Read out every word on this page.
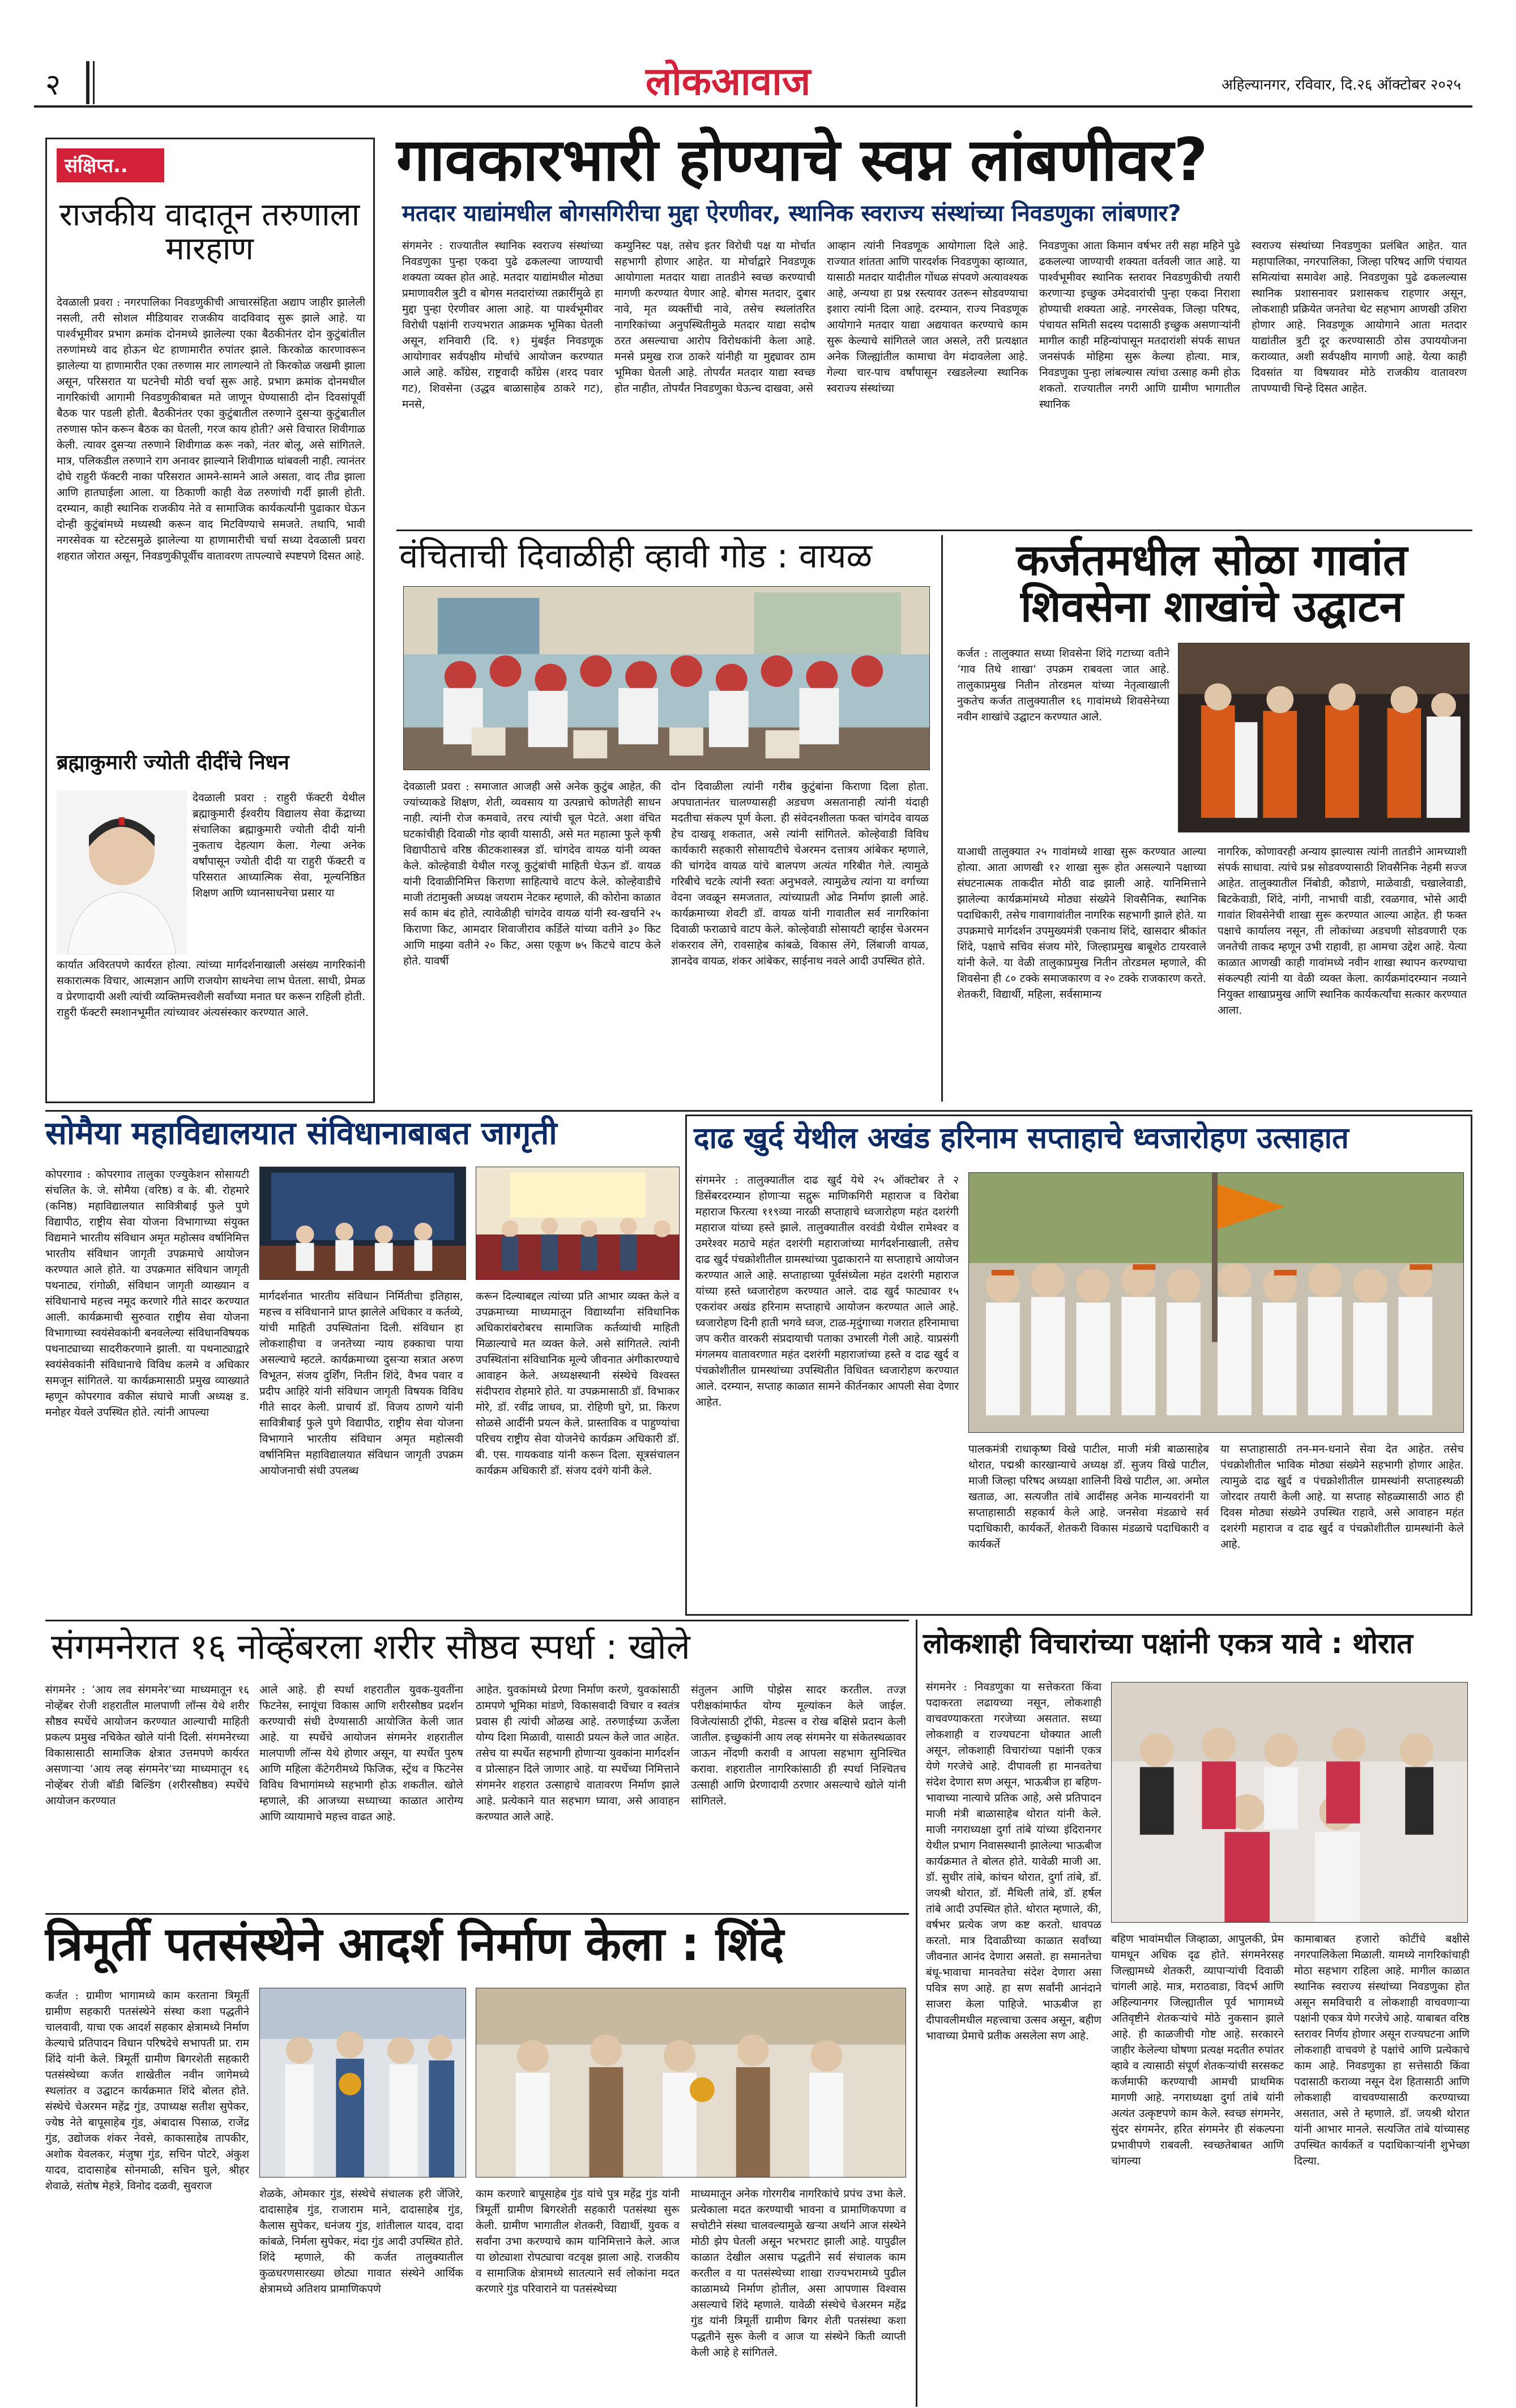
२	लोकआवाज	अहिल्यानगर, रविवार, दि.२६ ऑक्टोबर २०२५
संक्षिप्त..
राजकीय वादातून तरुणाला मारहाण
देवळाली प्रवरा : नगरपालिका निवडणुकीची आचारसंहिता अद्याप जाहीर झालेली नसली, तरी सोशल मीडियावर राजकीय वादविवाद सुरू झाले आहे. या पार्श्वभूमीवर प्रभाग क्रमांक दोनमध्ये झालेल्या एका बैठकीनंतर दोन कुटुंबांतील तरुणांमध्ये वाद होऊन थेट हाणामारीत रुपांतर झाले. किरकोळ कारणावरून झालेल्या या हाणामारीत एका तरुणास मार लागल्याने तो किरकोळ जखमी झाला असून, परिसरात या घटनेची मोठी चर्चा सुरू आहे. प्रभाग क्रमांक दोनमधील नागरिकांची आगामी निवडणुकीबाबत मते जाणून घेण्यासाठी दोन दिवसांपूर्वी बैठक पार पडली होती. बैठकीनंतर एका कुटुंबातील तरुणाने दुसऱ्या कुटुंबातील तरुणास फोन करून बैठक का घेतली, गरज काय होती? असे विचारत शिवीगाळ केली. त्यावर दुसऱ्या तरुणाने शिवीगाळ करू नको, नंतर बोलू, असे सांगितले. मात्र, पलिकडील तरुणाने राग अनावर झाल्याने शिवीगाळ थांबवली नाही. त्यानंतर दोघे राहुरी फॅक्टरी नाका परिसरात आमने-सामने आले असता, वाद तीव्र झाला आणि हातघाईला आला. या ठिकाणी काही वेळ तरुणांची गर्दी झाली होती. दरम्यान, काही स्थानिक राजकीय नेते व सामाजिक कार्यकर्त्यांनी पुढाकार घेऊन दोन्ही कुटुंबांमध्ये मध्यस्थी करून वाद मिटविण्याचे समजते. तथापि, भावी नगरसेवक या स्टेटसमुळे झालेल्या या हाणामारीची चर्चा सध्या देवळाली प्रवरा शहरात जोरात असून, निवडणुकीपूर्वीच वातावरण तापल्याचे स्पष्टपणे दिसत आहे.
ब्रह्माकुमारी ज्योती दीदींचे निधन
देवळाली प्रवरा : राहुरी फॅक्टरी येथील ब्रह्माकुमारी ईश्वरीय विद्यालय सेवा केंद्राच्या संचालिका ब्रह्माकुमारी ज्योती दीदी यांनी नुकताच देहत्याग केला. गेल्या अनेक वर्षांपासून ज्योती दीदी या राहुरी फॅक्टरी व परिसरात आध्यात्मिक सेवा, मूल्यनिष्ठित शिक्षण आणि ध्यानसाधनेचा प्रसार या
कार्यात अविरतपणे कार्यरत होत्या. त्यांच्या मार्गदर्शनाखाली असंख्य नागरिकांनी सकारात्मक विचार, आत्मज्ञान आणि राजयोग साधनेचा लाभ घेतला. साधी, प्रेमळ व प्रेरणादायी अशी त्यांची व्यक्तिमत्त्वशैली सर्वांच्या मनात घर करून राहिली होती. राहुरी फॅक्टरी स्मशानभूमीत त्यांच्यावर अंत्यसंस्कार करण्यात आले.
गावकारभारी होण्याचे स्वप्न लांबणीवर?
मतदार याद्यांमधील बोगसगिरीचा मुद्दा ऐरणीवर, स्थानिक स्वराज्य संस्थांच्या निवडणुका लांबणार?
संगमनेर : राज्यातील स्थानिक स्वराज्य संस्थांच्या निवडणुका पुन्हा एकदा पुढे ढकलल्या जाण्याची शक्यता व्यक्त होत आहे. मतदार याद्यांमधील मोठ्या प्रमाणावरील त्रुटी व बोगस मतदारांच्या तक्रारींमुळे हा मुद्दा पुन्हा ऐरणीवर आला आहे. या पार्श्वभूमीवर विरोधी पक्षांनी राज्यभरात आक्रमक भूमिका घेतली असून, शनिवारी (दि. १) मुंबईत निवडणूक आयोगावर सर्वपक्षीय मोर्चाचे आयोजन करण्यात आले आहे. काँग्रेस, राष्ट्रवादी काँग्रेस (शरद पवार गट), शिवसेना (उद्धव बाळासाहेब ठाकरे गट), मनसे,
कम्युनिस्ट पक्ष, तसेच इतर विरोधी पक्ष या मोर्चात सहभागी होणार आहेत. या मोर्चाद्वारे निवडणूक आयोगाला मतदार याद्या तातडीने स्वच्छ करण्याची मागणी करण्यात येणार आहे. बोगस मतदार, दुबार नावे, मृत व्यक्तींची नावे, तसेच स्थलांतरित नागरिकांच्या अनुपस्थितीमुळे मतदार याद्या सदोष ठरत असल्याचा आरोप विरोधकांनी केला आहे. मनसे प्रमुख राज ठाकरे यांनीही या मुद्द्यावर ठाम भूमिका घेतली आहे. तोपर्यंत मतदार याद्या स्वच्छ होत नाहीत, तोपर्यंत निवडणुका घेऊन्च दाखवा, असे
आव्हान त्यांनी निवडणूक आयोगाला दिले आहे. राज्यात शांतता आणि पारदर्शक निवडणुका व्हाव्यात, यासाठी मतदार यादीतील गोंधळ संपवणे अत्यावश्यक आहे, अन्यथा हा प्रश्न रस्त्यावर उतरून सोडवण्याचा इशारा त्यांनी दिला आहे. दरम्यान, राज्य निवडणूक आयोगाने मतदार याद्या अद्ययावत करण्याचे काम सुरू केल्याचे सांगितले जात असले, तरी प्रत्यक्षात अनेक जिल्ह्यांतील कामाचा वेग मंदावलेला आहे. गेल्या चार-पाच वर्षांपासून रखडलेल्या स्थानिक स्वराज्य संस्थांच्या
निवडणुका आता किमान वर्षभर तरी सहा महिने पुढे ढकलल्या जाण्याची शक्यता वर्तवली जात आहे. या पार्श्वभूमीवर स्थानिक स्तरावर निवडणुकीची तयारी करणाऱ्या इच्छुक उमेदवारांची पुन्हा एकदा निराशा होण्याची शक्यता आहे. नगरसेवक, जिल्हा परिषद, पंचायत समिती सदस्य पदासाठी इच्छुक असणाऱ्यांनी मागील काही महिन्यांपासून मतदारांशी संपर्क साधत जनसंपर्क मोहिमा सुरू केल्या होत्या. मात्र, निवडणुका पुन्हा लांबल्यास त्यांचा उत्साह कमी होऊ शकतो. राज्यातील नगरी आणि ग्रामीण भागातील स्थानिक
स्वराज्य संस्थांच्या निवडणुका प्रलंबित आहेत. यात महापालिका, नगरपालिका, जिल्हा परिषद आणि पंचायत समित्यांचा समावेश आहे. निवडणुका पुढे ढकलल्यास स्थानिक प्रशासनावर प्रशासकच राहणार असून, लोकशाही प्रक्रियेत जनतेचा थेट सहभाग आणखी उशिरा होणार आहे. निवडणूक आयोगाने आता मतदार याद्यांतील त्रुटी दूर करण्यासाठी ठोस उपाययोजना कराव्यात, अशी सर्वपक्षीय मागणी आहे. येत्या काही दिवसांत या विषयावर मोठे राजकीय वातावरण तापण्याची चिन्हे दिसत आहेत.
वंचिताची दिवाळीही व्हावी गोड : वायळ
देवळाली प्रवरा : समाजात आजही असे अनेक कुटुंब आहेत, की ज्यांच्याकडे शिक्षण, शेती, व्यवसाय या उत्पन्नाचे कोणतेही साधन नाही. त्यांनी रोज कमवावे, तरच त्यांची चूल पेटते. अशा वंचित घटकांचीही दिवाळी गोड व्हावी यासाठी, असे मत महात्मा फुले कृषी विद्यापीठाचे वरिष्ठ कीटकशास्त्रज्ञ डॉ. चांगदेव वायळ यांनी व्यक्त केले. कोल्हेवाडी येथील गरजू कुटुंबांची माहिती घेऊन डॉ. वायळ यांनी दिवाळीनिमित्त किराणा साहित्याचे वाटप केले. कोल्हेवाडीचे माजी तंटामुक्ती अध्यक्ष जयराम नेटकर म्हणाले, की कोरोना काळात सर्व काम बंद होते, त्यावेळीही चांगदेव वायळ यांनी स्व-खर्चाने २५ किराणा किट, आमदार शिवाजीराव कर्डिले यांच्या वतीने ३० किट आणि माझ्या वतीने २० किट, असा एकूण ७५ किटचे वाटप केले होते. यावर्षी
दोन दिवाळीला त्यांनी गरीब कुटुंबांना किराणा दिला होता. अपघातानंतर चालण्यासही अडचण असतानाही त्यांनी यंदाही मदतीचा संकल्प पूर्ण केला. ही संवेदनशीलता फक्त चांगदेव वायळ हेच दाखवू शकतात, असे त्यांनी सांगितले. कोल्हेवाडी विविध कार्यकारी सहकारी सोसायटीचे चेअरमन दत्तात्रय आंबेकर म्हणाले, की चांगदेव वायळ यांचे बालपण अत्यंत गरिबीत गेले. त्यामुळे गरिबीचे चटके त्यांनी स्वतः अनुभवले. त्यामुळेच त्यांना या वर्गाच्या वेदना जवळून समजतात, त्यांच्याप्रती ओढ निर्माण झाली आहे. कार्यक्रमाच्या शेवटी डॉ. वायळ यांनी गावातील सर्व नागरिकांना दिवाळी फराळाचे वाटप केले. कोल्हेवाडी सोसायटी व्हाईस चेअरमन शंकरराव लेंगे, रावसाहेब कांबळे, विकास लेंगे, लिंबाजी वायळ, ज्ञानदेव वायळ, शंकर आंबेकर, साईनाथ नवले आदी उपस्थित होते.
कर्जतमधील सोळा गावांत शिवसेना शाखांचे उद्घाटन
कर्जत : तालुक्यात सध्या शिवसेना शिंदे गटाच्या वतीने ‘गाव तिथे शाखा’ उपक्रम राबवला जात आहे. तालुकाप्रमुख नितीन तोरडमल यांच्या नेतृत्वाखाली नुकतेच कर्जत तालुक्यातील १६ गावांमध्ये शिवसेनेच्या नवीन शाखांचे उद्घाटन करण्यात आले.
याआधी तालुक्यात २५ गावांमध्ये शाखा सुरू करण्यात आल्या होत्या. आता आणखी १२ शाखा सुरू होत असल्याने पक्षाच्या संघटनात्मक ताकदीत मोठी वाढ झाली आहे. यानिमित्ताने झालेल्या कार्यक्रमांमध्ये मोठ्या संख्येने शिवसैनिक, स्थानिक पदाधिकारी, तसेच गावागावांतील नागरिक सहभागी झाले होते. या उपक्रमाचे मार्गदर्शन उपमुख्यमंत्री एकनाथ शिंदे, खासदार श्रीकांत शिंदे, पक्षाचे सचिव संजय मोरे, जिल्हाप्रमुख बाबूशेठ टायरवाले यांनी केले. या वेळी तालुकाप्रमुख नितीन तोरडमल म्हणाले, की शिवसेना ही ८० टक्के समाजकारण व २० टक्के राजकारण करते. शेतकरी, विद्यार्थी, महिला, सर्वसामान्य
नागरिक, कोणावरही अन्याय झाल्यास त्यांनी तातडीने आमच्याशी संपर्क साधावा. त्यांचे प्रश्न सोडवण्यासाठी शिवसैनिक नेहमी सज्ज आहेत. तालुक्यातील निंबोडी, कौडाणे, माळेवाडी, चखालेवाडी, बिटकेवाडी, शिंदे, नांगी, नाभाची वाडी, रवळगाव, भोसे आदी गावांत शिवसेनेची शाखा सुरू करण्यात आल्या आहेत. ही फक्त पक्षाचे कार्यालय नसून, ती लोकांच्या अडचणी सोडवणारी एक जनतेची ताकद म्हणून उभी राहावी, हा आमचा उद्देश आहे. येत्या काळात आणखी काही गावांमध्ये नवीन शाखा स्थापन करण्याचा संकल्पही त्यांनी या वेळी व्यक्त केला. कार्यक्रमांदरम्यान नव्याने नियुक्त शाखाप्रमुख आणि स्थानिक कार्यकर्त्यांचा सत्कार करण्यात आला.
सोमैया महाविद्यालयात संविधानाबाबत जागृती
कोपरगाव : कोपरगाव तालुका एज्युकेशन सोसायटी संचलित के. जे. सोमैया (वरिष्ठ) व के. बी. रोहमारे (कनिष्ठ) महाविद्यालयात सावित्रीबाई फुले पुणे विद्यापीठ, राष्ट्रीय सेवा योजना विभागाच्या संयुक्त विद्यमाने भारतीय संविधान अमृत महोत्सव वर्षानिमित्त भारतीय संविधान जागृती उपक्रमाचे आयोजन करण्यात आले होते. या उपक्रमात संविधान जागृती पथनाट्य, रांगोळी, संविधान जागृती व्याख्यान व संविधानाचे महत्त्व नमूद करणारे गीते सादर करण्यात आली. कार्यक्रमाची सुरुवात राष्ट्रीय सेवा योजना विभागाच्या स्वयंसेवकांनी बनवलेल्या संविधानविषयक पथनाट्याच्या सादरीकरणाने झाली. या पथनाट्याद्वारे स्वयंसेवकांनी संविधानाचे विविध कलमे व अधिकार समजून सांगितले. या कार्यक्रमासाठी प्रमुख व्याख्याते म्हणून कोपरगाव वकील संघाचे माजी अध्यक्ष ड. मनोहर येवले उपस्थित होते. त्यांनी आपल्या
मार्गदर्शनात भारतीय संविधान निर्मितीचा इतिहास, महत्त्व व संविधानाने प्राप्त झालेले अधिकार व कर्तव्ये, यांची माहिती उपस्थितांना दिली. संविधान हा लोकशाहीचा व जनतेच्या न्याय हक्काचा पाया असल्याचे म्हटले. कार्यक्रमाच्या दुसऱ्या सत्रात अरुण विभूतन, संजय दुर्शिंग, नितीन शिंदे, वैभव पवार व प्रदीप आहिरे यांनी संविधान जागृती विषयक विविध गीते सादर केली. प्राचार्य डॉ. विजय ठाणगे यांनी सावित्रीबाई फुले पुणे विद्यापीठ, राष्ट्रीय सेवा योजना विभागाने भारतीय संविधान अमृत महोत्सवी वर्षानिमित्त महाविद्यालयात संविधान जागृती उपक्रम आयोजनाची संधी उपलब्ध
करून दिल्याबद्दल त्यांच्या प्रति आभार व्यक्त केले व उपक्रमाच्या माध्यमातून विद्यार्थ्यांना संविधानिक अधिकारांबरोबरच सामाजिक कर्तव्यांची माहिती मिळाल्याचे मत व्यक्त केले. असे सांगितले. त्यांनी उपस्थितांना संविधानिक मूल्ये जीवनात अंगीकारण्याचे आवाहन केले. अध्यक्षस्थानी संस्थेचे विश्वस्त संदीपराव रोहमारे होते. या उपक्रमासाठी डॉ. विभाकर मोरे, डॉ. रवींद्र जाधव, प्रा. रोहिणी घुगे, प्रा. किरण सोळसे आदींनी प्रयत्न केले. प्रास्ताविक व पाहुण्यांचा परिचय राष्ट्रीय सेवा योजनेचे कार्यक्रम अधिकारी डॉ. बी. एस. गायकवाड यांनी करून दिला. सूत्रसंचालन कार्यक्रम अधिकारी डॉ. संजय दवंगे यांनी केले.
दाढ खुर्द येथील अखंड हरिनाम सप्ताहाचे ध्वजारोहण उत्साहात
संगमनेर : तालुक्यातील दाढ खुर्द येथे २५ ऑक्टोबर ते २ डिसेंबरदरम्यान होणाऱ्या सद्गुरू माणिकगिरी महाराज व विरोबा महाराज फिरत्या ११९व्या नारळी सप्ताहाचे ध्वजारोहण महंत दशरंगी महाराज यांच्या हस्ते झाले. तालुक्यातील वरवंडी येथील रामेश्वर व उमरेश्वर मठाचे महंत दशरंगी महाराजांच्या मार्गदर्शनाखाली, तसेच दाढ खुर्द पंचक्रोशीतील ग्रामस्थांच्या पुढाकाराने या सप्ताहाचे आयोजन करण्यात आले आहे. सप्ताहाच्या पूर्वसंध्येला महंत दशरंगी महाराज यांच्या हस्ते ध्वजारोहण करण्यात आले. दाढ खुर्द फाट्यावर १५ एकरांवर अखंड हरिनाम सप्ताहाचे आयोजन करण्यात आले आहे. ध्वजारोहण दिनी हाती भगवे ध्वज, टाळ-मृदुंगाच्या गजरात हरिनामाचा जप करीत वारकरी संप्रदायाची पताका उभारली गेली आहे. याप्रसंगी मंगलमय वातावरणात महंत दशरंगी महाराजांच्या हस्ते व दाढ खुर्द व पंचक्रोशीतील ग्रामस्थांच्या उपस्थितीत विधिवत ध्वजारोहण करण्यात आले. दरम्यान, सप्ताह काळात सामने कीर्तनकार आपली सेवा देणार आहेत.
पालकमंत्री राधाकृष्ण विखे पाटील, माजी मंत्री बाळासाहेब थोरात, पद्मश्री कारखान्याचे अध्यक्ष डॉ. सुजय विखे पाटील, माजी जिल्हा परिषद अध्यक्षा शालिनी विखे पाटील, आ. अमोल खताळ, आ. सत्यजीत तांबे आदींसह अनेक मान्यवरांनी या सप्ताहासाठी सहकार्य केले आहे. जनसेवा मंडळाचे सर्व पदाधिकारी, कार्यकर्ते, शेतकरी विकास मंडळाचे पदाधिकारी व कार्यकर्ते
या सप्ताहासाठी तन-मन-धनाने सेवा देत आहेत. तसेच पंचक्रोशीतील भाविक मोठ्या संख्येने सहभागी होणार आहेत. त्यामुळे दाढ खुर्द व पंचक्रोशीतील ग्रामस्थांनी सप्ताहस्थळी जोरदार तयारी केली आहे. या सप्ताह सोहळ्यासाठी आठ ही दिवस मोठ्या संख्येने उपस्थित राहावे, असे आवाहन महंत दशरंगी महाराज व दाढ खुर्द व पंचक्रोशीतील ग्रामस्थांनी केले आहे.
संगमनेरात १६ नोव्हेंबरला शरीर सौष्ठव स्पर्धा : खोले
संगमनेर : ‘आय लव संगमनेर’च्या माध्यमातून १६ नोव्हेंबर रोजी शहरातील मालपाणी लॉन्स येथे शरीर सौष्ठव स्पर्धेचे आयोजन करण्यात आल्याची माहिती प्रकल्प प्रमुख नचिकेत खोले यांनी दिली. संगमनेरच्या विकासासाठी सामाजिक क्षेत्रात उत्तमपणे कार्यरत असणाऱ्या ‘आय लव्ह संगमनेर’च्या माध्यमातून १६ नोव्हेंबर रोजी बॉडी बिल्डिंग (शरीरसौष्ठव) स्पर्धेचे आयोजन करण्यात
आले आहे. ही स्पर्धा शहरातील युवक-युवतींना फिटनेस, स्नायूंचा विकास आणि शरीरसौष्ठव प्रदर्शन करण्याची संधी देण्यासाठी आयोजित केली जात आहे. या स्पर्धेचे आयोजन संगमनेर शहरातील मालपाणी लॉन्स येथे होणार असून, या स्पर्धेत पुरुष आणि महिला कॅटेगरीमध्ये फिजिक, स्ट्रेंथ व फिटनेस विविध विभागांमध्ये सहभागी होऊ शकतील. खोले म्हणाले, की आजच्या सध्याच्या काळात आरोग्य आणि व्यायामाचे महत्त्व वाढत आहे.
आहेत. युवकांमध्ये प्रेरणा निर्माण करणे, युवकांसाठी ठामपणे भूमिका मांडणे, विकासवादी विचार व स्वतंत्र प्रवास ही त्यांची ओळख आहे. तरुणाईच्या ऊर्जेला योग्य दिशा मिळावी, यासाठी प्रयत्न केले जात आहेत. तसेच या स्पर्धेत सहभागी होणाऱ्या युवकांना मार्गदर्शन व प्रोत्साहन दिले जाणार आहे. या स्पर्धेच्या निमित्ताने संगमनेर शहरात उत्साहाचे वातावरण निर्माण झाले आहे. प्रत्येकाने यात सहभाग घ्यावा, असे आवाहन करण्यात आले आहे.
संतुलन आणि पोझेस सादर करतील. तज्ज्ञ परीक्षकांमार्फत योग्य मूल्यांकन केले जाईल. विजेत्यांसाठी ट्रॉफी, मेडल्स व रोख बक्षिसे प्रदान केली जातील. इच्छुकांनी आय लव्ह संगमनेर या संकेतस्थळावर जाऊन नोंदणी करावी व आपला सहभाग सुनिश्चित करावा. शहरातील नागरिकांसाठी ही स्पर्धा निश्चितच उत्साही आणि प्रेरणादायी ठरणार असल्याचे खोले यांनी सांगितले.
लोकशाही विचारांच्या पक्षांनी एकत्र यावे : थोरात
संगमनेर : निवडणुका या सत्तेकरता किंवा पदाकरता लढायच्या नसून, लोकशाही वाचवण्याकरता गरजेच्या असतात. सध्या लोकशाही व राज्यघटना धोक्यात आली असून, लोकशाही विचारांच्या पक्षांनी एकत्र येणे गरजेचे आहे. दीपावली हा मानवतेचा संदेश देणारा सण असून, भाऊबीज हा बहिण-भावाच्या नात्याचे प्रतिक आहे, असे प्रतिपादन माजी मंत्री बाळासाहेब थोरात यांनी केले. माजी नगराध्यक्षा दुर्गा तांबे यांच्या इंदिरानगर येथील प्रभाग निवासस्थानी झालेल्या भाऊबीज कार्यक्रमात ते बोलत होते. यावेळी माजी आ. डॉ. सुधीर तांबे, कांचन थोरात, दुर्गा तांबे, डॉ. जयश्री थोरात, डॉ. मैथिली तांबे, डॉ. हर्षल तांबे आदी उपस्थित होते. थोरात म्हणाले, की, वर्षभर प्रत्येक जण कष्ट करतो. धावपळ करतो. मात्र दिवाळीच्या काळात सर्वांच्या जीवनात आनंद देणारा असतो. हा समानतेचा बंधू-भावाचा मानवतेचा संदेश देणारा असा पवित्र सण आहे. हा सण सर्वांनी आनंदाने साजरा केला पाहिजे. भाऊबीज हा दीपावलीमधील महत्त्वाचा उत्सव असून, बहीण भावाच्या प्रेमाचे प्रतीक असलेला सण आहे.
बहिण भावांमधील जिव्हाळा, आपुलकी, प्रेम यामधून अधिक दृढ होते. संगमनेरसह जिल्ह्यामध्ये शेतकरी, व्यापाऱ्यांची दिवाळी चांगली आहे. मात्र, मराठवाडा, विदर्भ आणि अहिल्यानगर जिल्ह्यातील पूर्व भागामध्ये अतिवृष्टीने शेतकऱ्यांचे मोठे नुकसान झाले आहे. ही काळजीची गोष्ट आहे. सरकारने जाहीर केलेल्या घोषणा प्रत्यक्ष मदतीत रुपांतर व्हावे व त्यासाठी संपूर्ण शेतकऱ्यांची सरसकट कर्जमाफी करण्याची आमची प्राथमिक मागणी आहे. नगराध्यक्षा दुर्गा तांबे यांनी अत्यंत उत्कृष्टपणे काम केले. स्वच्छ संगमनेर, सुंदर संगमनेर, हरित संगमनेर ही संकल्पना प्रभावीपणे राबवली. स्वच्छतेबाबत आणि चांगल्या
कामाबाबत हजारो कोटींचे बक्षीसे नगरपालिकेला मिळाली. यामध्ये नागरिकांचाही मोठा सहभाग राहिला आहे. मागील काळात स्थानिक स्वराज्य संस्थांच्या निवडणुका होत असून समविचारी व लोकशाही वाचवणाऱ्या पक्षांनी एकत्र येणे गरजेचे आहे. याबाबत वरिष्ठ स्तरावर निर्णय होणार असून राज्यघटना आणि लोकशाही वाचवणे हे पक्षांचे आणि प्रत्येकाचे काम आहे. निवडणुका हा सत्तेसाठी किंवा पदासाठी कराव्या नसून देश हितासाठी आणि लोकशाही वाचवण्यासाठी करण्याच्या असतात, असे ते म्हणाले. डॉ. जयश्री थोरात यांनी आभार मानले. सत्यजित तांबे यांच्यासह उपस्थित कार्यकर्ते व पदाधिकाऱ्यांनी शुभेच्छा दिल्या.
त्रिमूर्ती पतसंस्थेने आदर्श निर्माण केला : शिंदे
कर्जत : ग्रामीण भागामध्ये काम करताना त्रिमूर्ती ग्रामीण सहकारी पतसंस्थेने संस्था कशा पद्धतीने चालवावी, याचा एक आदर्श सहकार क्षेत्रामध्ये निर्माण केल्याचे प्रतिपादन विधान परिषदेचे सभापती प्रा. राम शिंदे यांनी केले. त्रिमूर्ती ग्रामीण बिगरशेती सहकारी पतसंस्थेच्या कर्जत शाखेतील नवीन जागेमध्ये स्थलांतर व उद्घाटन कार्यक्रमात शिंदे बोलत होते. संस्थेचे चेअरमन महेंद्र गुंड, उपाध्यक्ष सतीश सुपेकर, ज्येष्ठ नेते बापूसाहेब गुंड, अंबादास पिसाळ, राजेंद्र गुंड, उद्योजक शंकर नेवसे, काकासाहेब तापकीर, अशोक येवलकर, मंजुषा गुंड, सचिन पोटरे, अंकुश यादव, दादासाहेब सोनमाळी, सचिन घुले, श्रीहर शेवाळे, संतोष मेहत्रे, विनोद दळवी, सुवराज
शेळके, ओमकार गुंड, संस्थेचे संचालक हरी जेंजिरे, दादासाहेब गुंड, राजाराम माने, दादासाहेब गुंड, कैलास सुपेकर, धनंजय गुंड, शांतीलाल यादव, दादा कांबळे, निर्मला सुपेकर, मंदा गुंड आदी उपस्थित होते. शिंदे म्हणाले, की कर्जत तालुक्यातील कुळधरणसारख्या छोट्या गावात संस्थेने आर्थिक क्षेत्रामध्ये अतिशय प्रामाणिकपणे
काम करणारे बापूसाहेब गुंड यांचे पुत्र महेंद्र गुंड यांनी त्रिमूर्ती ग्रामीण बिगरशेती सहकारी पतसंस्था सुरू केली. ग्रामीण भागातील शेतकरी, विद्यार्थी, युवक व सर्वांना उभा करण्याचे काम यानिमित्ताने केले. आज या छोट्याशा रोपट्याचा वटवृक्ष झाला आहे. राजकीय व सामाजिक क्षेत्रामध्ये सातत्याने सर्व लोकांना मदत करणारे गुंड परिवाराने या पतसंस्थेच्या
माध्यमातून अनेक गोरगरीब नागरिकांचे प्रपंच उभा केले. प्रत्येकाला मदत करण्याची भावना व प्रामाणिकपणा व सचोटीने संस्था चालवल्यामुळे खऱ्या अर्थाने आज संस्थेने मोठी झेप घेतली असून भरभराट झाली आहे. यापुढील काळात देखील असाच पद्धतीने सर्व संचालक काम करतील व या पतसंस्थेच्या शाखा राज्यभरामध्ये पुढील काळामध्ये निर्माण होतील, असा आपणास विश्वास असल्याचे शिंदे म्हणाले. यावेळी संस्थेचे चेअरमन महेंद्र गुंड यांनी त्रिमूर्ती ग्रामीण बिगर शेती पतसंस्था कशा पद्धतीने सुरू केली व आज या संस्थेने किती व्याप्ती केली आहे हे सांगितले.
